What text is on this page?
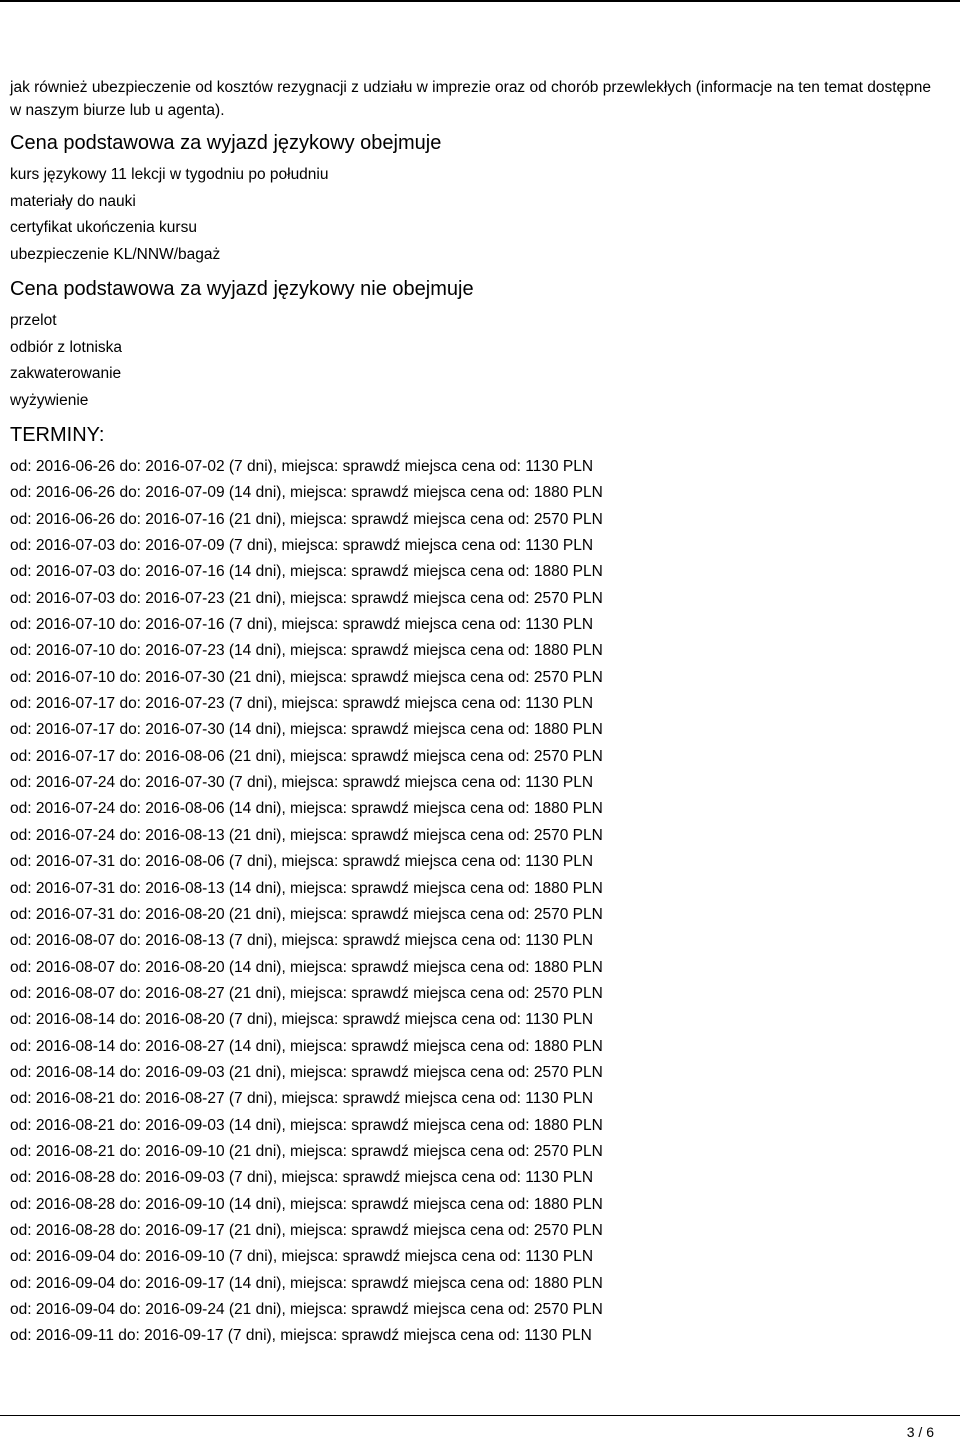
jak również ubezpieczenie od kosztów rezygnacji z udziału w imprezie oraz od chorób przewlekłych (informacje na ten temat dostępne w naszym biurze lub u agenta).

Cena podstawowa za wyjazd językowy obejmuje
kurs językowy 11 lekcji w tygodniu po południu
materiały do nauki
certyfikat ukończenia kursu
ubezpieczenie KL/NNW/bagaż
Cena podstawowa za wyjazd językowy nie obejmuje
przelot
odbiór z lotniska
zakwaterowanie
wyżywienie
TERMINY:
od: 2016-06-26 do: 2016-07-02 (7 dni), miejsca: sprawdź miejsca cena od: 1130 PLN
od: 2016-06-26 do: 2016-07-09 (14 dni), miejsca: sprawdź miejsca cena od: 1880 PLN
od: 2016-06-26 do: 2016-07-16 (21 dni), miejsca: sprawdź miejsca cena od: 2570 PLN
od: 2016-07-03 do: 2016-07-09 (7 dni), miejsca: sprawdź miejsca cena od: 1130 PLN
od: 2016-07-03 do: 2016-07-16 (14 dni), miejsca: sprawdź miejsca cena od: 1880 PLN
od: 2016-07-03 do: 2016-07-23 (21 dni), miejsca: sprawdź miejsca cena od: 2570 PLN
od: 2016-07-10 do: 2016-07-16 (7 dni), miejsca: sprawdź miejsca cena od: 1130 PLN
od: 2016-07-10 do: 2016-07-23 (14 dni), miejsca: sprawdź miejsca cena od: 1880 PLN
od: 2016-07-10 do: 2016-07-30 (21 dni), miejsca: sprawdź miejsca cena od: 2570 PLN
od: 2016-07-17 do: 2016-07-23 (7 dni), miejsca: sprawdź miejsca cena od: 1130 PLN
od: 2016-07-17 do: 2016-07-30 (14 dni), miejsca: sprawdź miejsca cena od: 1880 PLN
od: 2016-07-17 do: 2016-08-06 (21 dni), miejsca: sprawdź miejsca cena od: 2570 PLN
od: 2016-07-24 do: 2016-07-30 (7 dni), miejsca: sprawdź miejsca cena od: 1130 PLN
od: 2016-07-24 do: 2016-08-06 (14 dni), miejsca: sprawdź miejsca cena od: 1880 PLN
od: 2016-07-24 do: 2016-08-13 (21 dni), miejsca: sprawdź miejsca cena od: 2570 PLN
od: 2016-07-31 do: 2016-08-06 (7 dni), miejsca: sprawdź miejsca cena od: 1130 PLN
od: 2016-07-31 do: 2016-08-13 (14 dni), miejsca: sprawdź miejsca cena od: 1880 PLN
od: 2016-07-31 do: 2016-08-20 (21 dni), miejsca: sprawdź miejsca cena od: 2570 PLN
od: 2016-08-07 do: 2016-08-13 (7 dni), miejsca: sprawdź miejsca cena od: 1130 PLN
od: 2016-08-07 do: 2016-08-20 (14 dni), miejsca: sprawdź miejsca cena od: 1880 PLN
od: 2016-08-07 do: 2016-08-27 (21 dni), miejsca: sprawdź miejsca cena od: 2570 PLN
od: 2016-08-14 do: 2016-08-20 (7 dni), miejsca: sprawdź miejsca cena od: 1130 PLN
od: 2016-08-14 do: 2016-08-27 (14 dni), miejsca: sprawdź miejsca cena od: 1880 PLN
od: 2016-08-14 do: 2016-09-03 (21 dni), miejsca: sprawdź miejsca cena od: 2570 PLN
od: 2016-08-21 do: 2016-08-27 (7 dni), miejsca: sprawdź miejsca cena od: 1130 PLN
od: 2016-08-21 do: 2016-09-03 (14 dni), miejsca: sprawdź miejsca cena od: 1880 PLN
od: 2016-08-21 do: 2016-09-10 (21 dni), miejsca: sprawdź miejsca cena od: 2570 PLN
od: 2016-08-28 do: 2016-09-03 (7 dni), miejsca: sprawdź miejsca cena od: 1130 PLN
od: 2016-08-28 do: 2016-09-10 (14 dni), miejsca: sprawdź miejsca cena od: 1880 PLN
od: 2016-08-28 do: 2016-09-17 (21 dni), miejsca: sprawdź miejsca cena od: 2570 PLN
od: 2016-09-04 do: 2016-09-10 (7 dni), miejsca: sprawdź miejsca cena od: 1130 PLN
od: 2016-09-04 do: 2016-09-17 (14 dni), miejsca: sprawdź miejsca cena od: 1880 PLN
od: 2016-09-04 do: 2016-09-24 (21 dni), miejsca: sprawdź miejsca cena od: 2570 PLN
od: 2016-09-11 do: 2016-09-17 (7 dni), miejsca: sprawdź miejsca cena od: 1130 PLN
3 / 6
